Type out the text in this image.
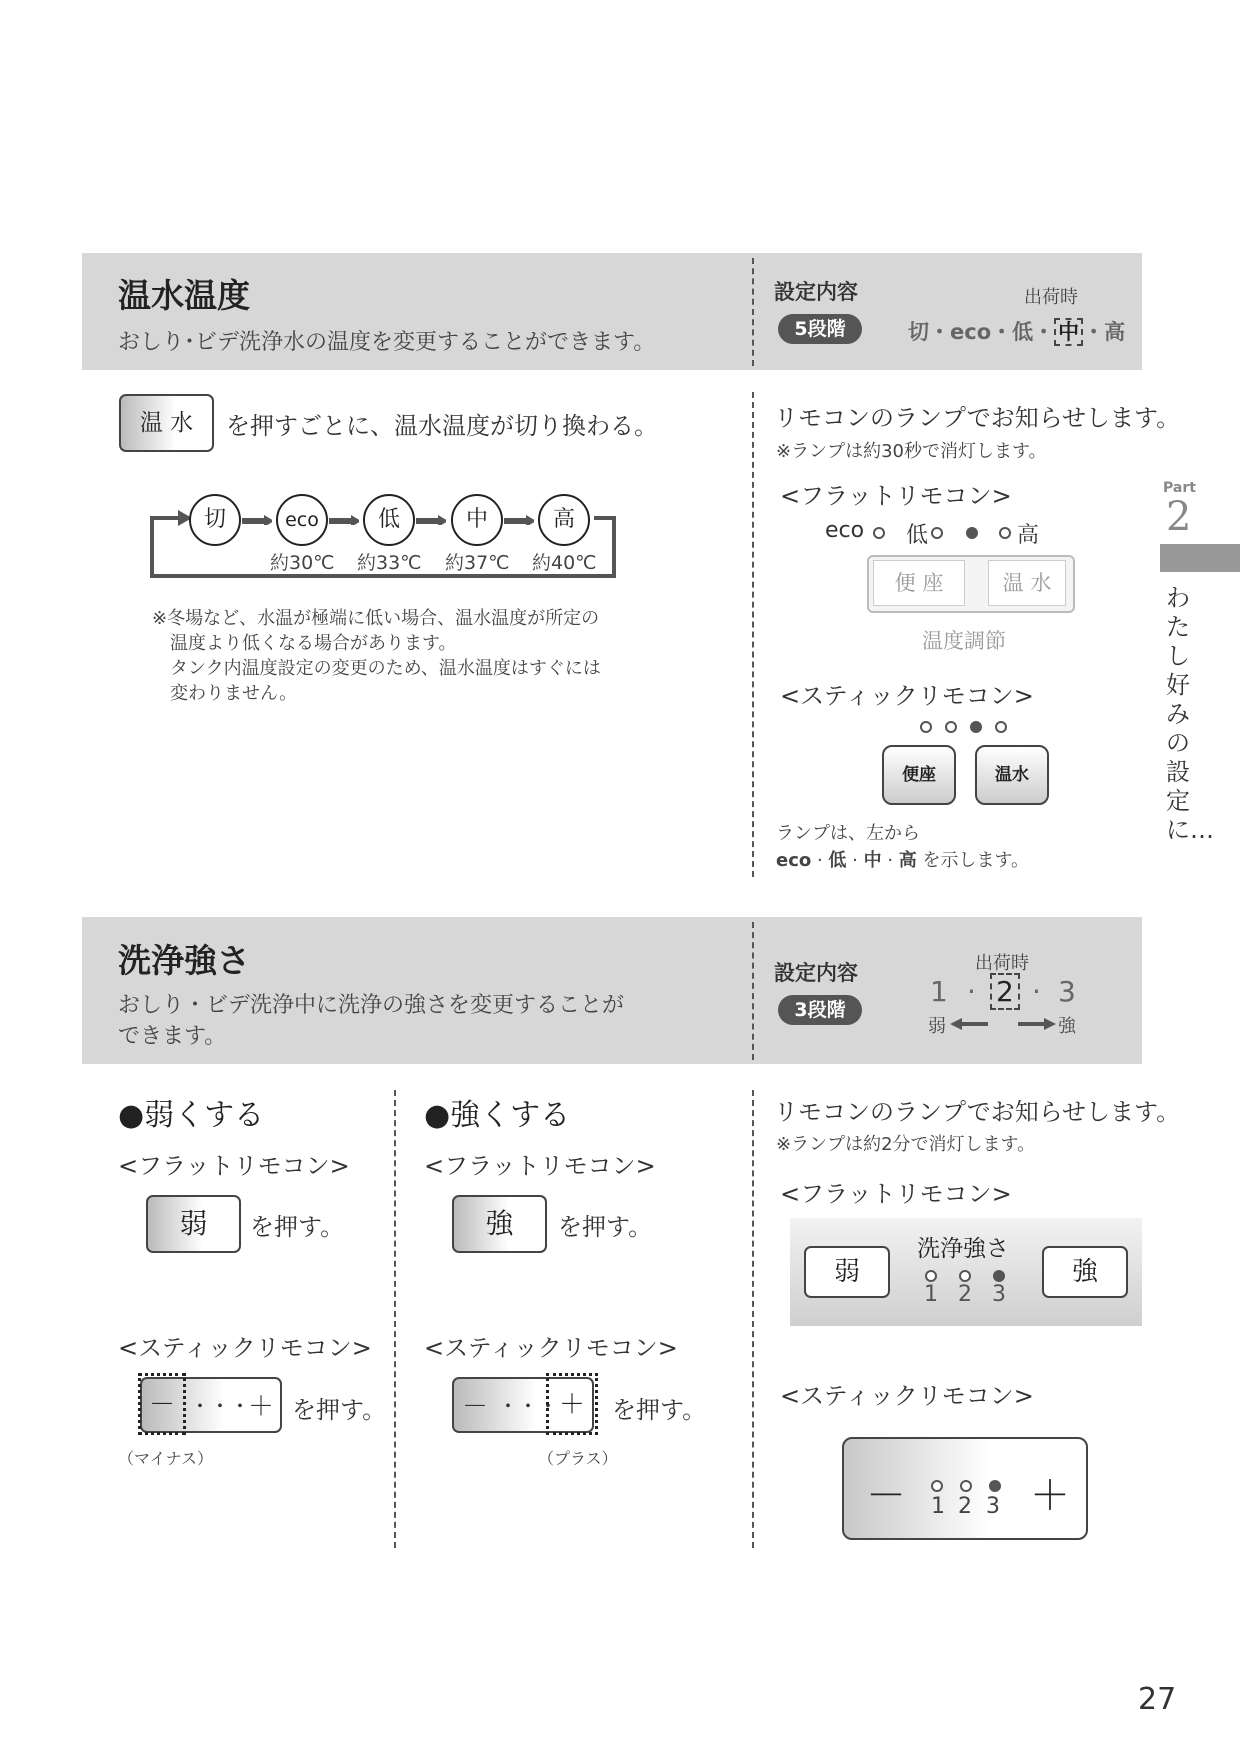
温水温度
おしり･ビデ洗浄水の温度を変更することができます。
設定内容
5段階
出荷時
切・eco・低・ 中 ・高
温 水	を押すごとに、温水温度が切り換わる。
切	eco	低	中	高
約30℃ 約33℃ 約37℃ 約40℃
※冬場など、水温が極端に低い場合、温水温度が所定の
温度より低くなる場合があります。
タンク内温度設定の変更のため、温水温度はすぐには
変わりません。
リモコンのランプでお知らせします。
※ランプは約30秒で消灯します。
<フラットリモコン>
eco 低	高
便 座	温 水
温度調節
<スティックリモコン>
便座	温水
ランプは、左から
eco · 低 · 中 · 高 を示します。
洗浄強さ
おしり・ビデ洗浄中に洗浄の強さを変更することが
できます。
設定内容
3段階
出荷時
1 · 2 · 3
弱	強
●弱くする
<フラットリモコン>
弱	を押す。
<スティックリモコン>
－ ・・・
＋ を押す。
（マイナス）
●強くする
<フラットリモコン>
強	を押す。
<スティックリモコン>
－ ・・・ ＋	を押す。
（プラス）
リモコンのランプでお知らせします。
※ランプは約2分で消灯します。
<フラットリモコン>
弱	強
洗浄強さ
1 2 3
<スティックリモコン>
－	＋
1 2 3
Part
2
わたし好みの設定に…
27
